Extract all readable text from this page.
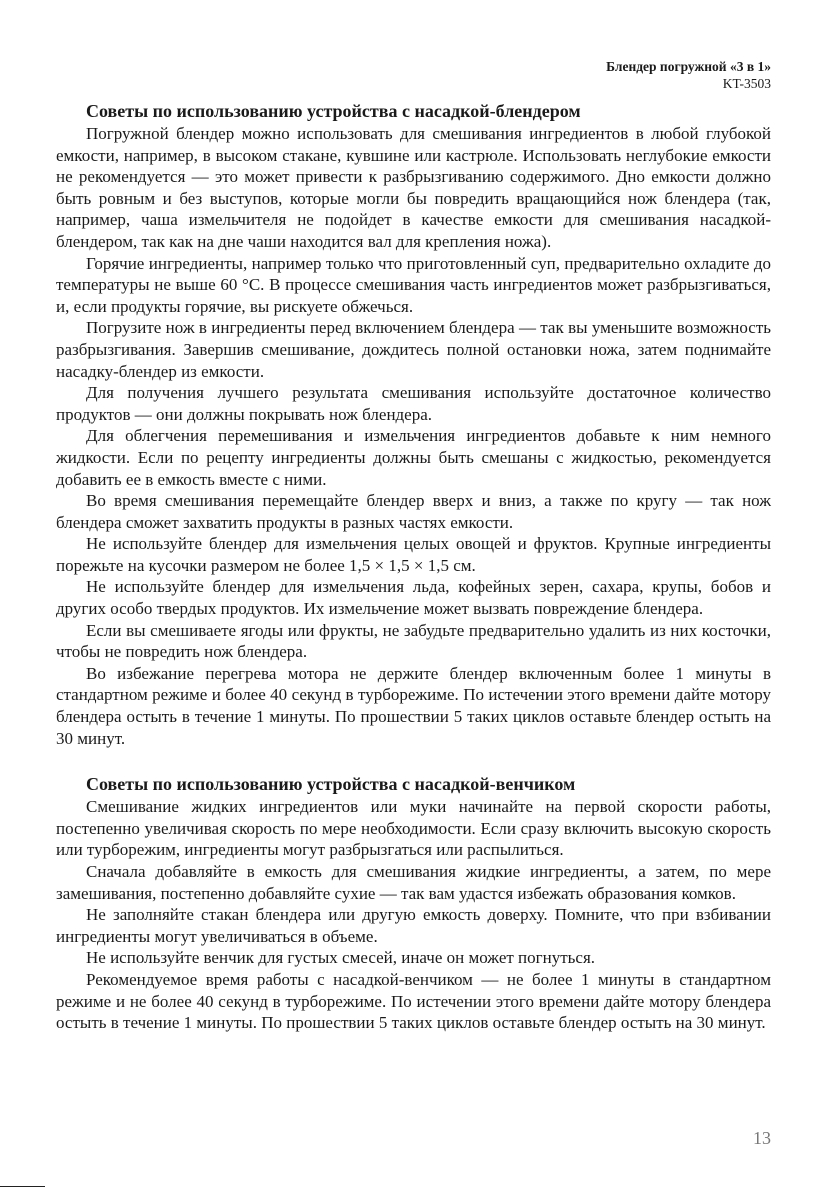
Блендер погружной «3 в 1»
KT-3503
Советы по использованию устройства с насадкой-блендером

Погружной блендер можно использовать для смешивания ингредиентов в любой глубокой емкости, например, в высоком стакане, кувшине или кастрюле. Использовать неглубокие емкости не рекомендуется — это может привести к разбрызгиванию содержимого. Дно емкости должно быть ровным и без выступов, которые могли бы повредить вращающийся нож блендера (так, например, чаша измельчителя не подойдет в качестве емкости для смешивания насадкой-блендером, так как на дне чаши находится вал для крепления ножа).

Горячие ингредиенты, например только что приготовленный суп, предварительно охладите до температуры не выше 60 °C. В процессе смешивания часть ингредиентов может разбрызгиваться, и, если продукты горячие, вы рискуете обжечься.

Погрузите нож в ингредиенты перед включением блендера — так вы уменьшите возможность разбрызгивания. Завершив смешивание, дождитесь полной остановки ножа, затем поднимайте насадку-блендер из емкости.

Для получения лучшего результата смешивания используйте достаточное количество продуктов — они должны покрывать нож блендера.

Для облегчения перемешивания и измельчения ингредиентов добавьте к ним немного жидкости. Если по рецепту ингредиенты должны быть смешаны с жидкостью, рекомендуется добавить ее в емкость вместе с ними.

Во время смешивания перемещайте блендер вверх и вниз, а также по кругу — так нож блендера сможет захватить продукты в разных частях емкости.

Не используйте блендер для измельчения целых овощей и фруктов. Крупные ингредиенты порежьте на кусочки размером не более 1,5 × 1,5 × 1,5 см.

Не используйте блендер для измельчения льда, кофейных зерен, сахара, крупы, бобов и других особо твердых продуктов. Их измельчение может вызвать повреждение блендера.

Если вы смешиваете ягоды или фрукты, не забудьте предварительно удалить из них косточки, чтобы не повредить нож блендера.

Во избежание перегрева мотора не держите блендер включенным более 1 минуты в стандартном режиме и более 40 секунд в турборежиме. По истечении этого времени дайте мотору блендера остыть в течение 1 минуты. По прошествии 5 таких циклов оставьте блендер остыть на 30 минут.

Советы по использованию устройства с насадкой-венчиком

Смешивание жидких ингредиентов или муки начинайте на первой скорости работы, постепенно увеличивая скорость по мере необходимости. Если сразу включить высокую скорость или турборежим, ингредиенты могут разбрызгаться или распылиться.

Сначала добавляйте в емкость для смешивания жидкие ингредиенты, а затем, по мере замешивания, постепенно добавляйте сухие — так вам удастся избежать образования комков.

Не заполняйте стакан блендера или другую емкость доверху. Помните, что при взбивании ингредиенты могут увеличиваться в объеме.

Не используйте венчик для густых смесей, иначе он может погнуться.

Рекомендуемое время работы с насадкой-венчиком — не более 1 минуты в стандартном режиме и не более 40 секунд в турборежиме. По истечении этого времени дайте мотору блендера остыть в течение 1 минуты. По прошествии 5 таких циклов оставьте блендер остыть на 30 минут.

13
